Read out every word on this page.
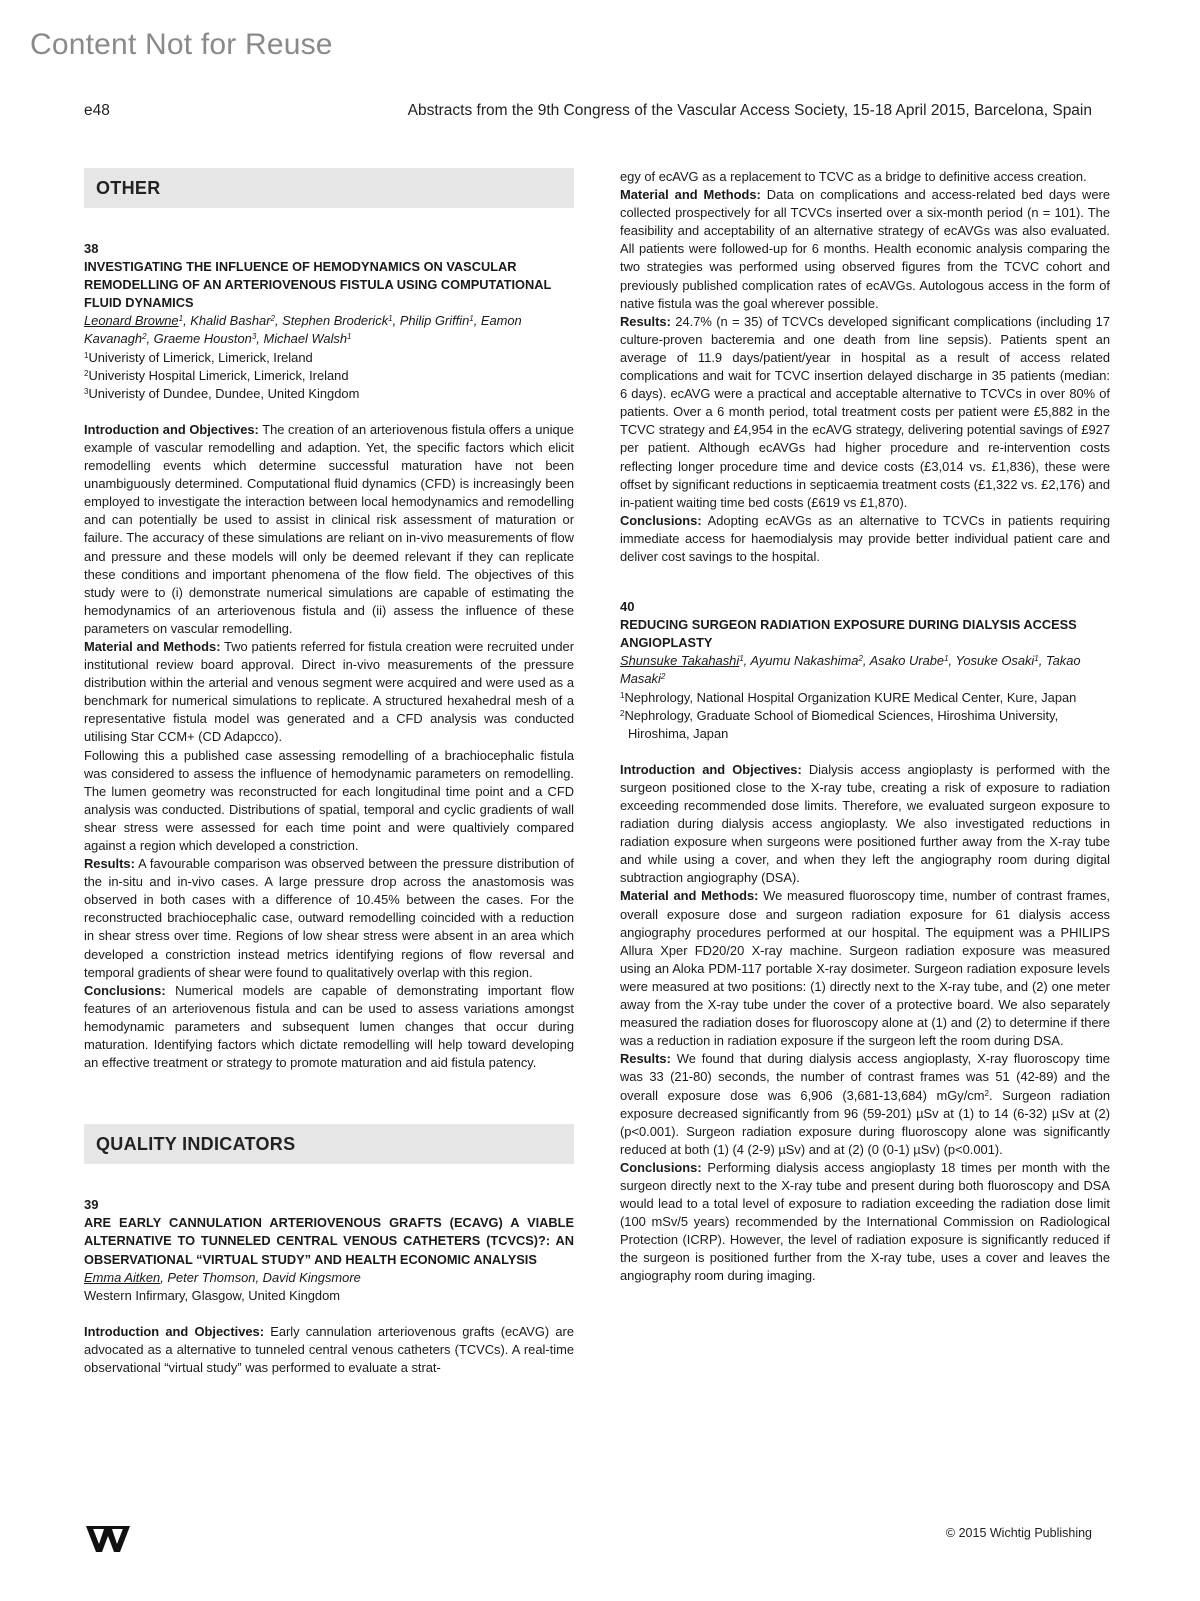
Content Not for Reuse
e48	Abstracts from the 9th Congress of the Vascular Access Society, 15-18 April 2015, Barcelona, Spain
OTHER
38
INVESTIGATING THE INFLUENCE OF HEMODYNAMICS ON VASCULAR REMODELLING OF AN ARTERIOVENOUS FISTULA USING COMPUTATIONAL FLUID DYNAMICS
Leonard Browne$^1$, Khalid Bashar$^2$, Stephen Broderick$^1$, Philip Griffin$^1$, Eamon Kavanagh$^2$, Graeme Houston$^3$, Michael Walsh$^1$
$^1$Univeristy of Limerick, Limerick, Ireland
$^2$Univeristy Hospital Limerick, Limerick, Ireland
$^3$Univeristy of Dundee, Dundee, United Kingdom

Introduction and Objectives: The creation of an arteriovenous fistula offers a unique example of vascular remodelling and adaption. Yet, the specific factors which elicit remodelling events which determine successful maturation have not been unambiguously determined. Computational fluid dynamics (CFD) is increasingly been employed to investigate the interaction between local hemodynamics and remodelling and can potentially be used to assist in clinical risk assessment of maturation or failure. The accuracy of these simulations are reliant on in-vivo measurements of flow and pressure and these models will only be deemed relevant if they can replicate these conditions and important phenomena of the flow field. The objectives of this study were to (i) demonstrate numerical simulations are capable of estimating the hemodynamics of an arteriovenous fistula and (ii) assess the influence of these parameters on vascular remodelling.

Material and Methods: Two patients referred for fistula creation were recruited under institutional review board approval. Direct in-vivo measurements of the pressure distribution within the arterial and venous segment were acquired and were used as a benchmark for numerical simulations to replicate. A structured hexahedral mesh of a representative fistula model was generated and a CFD analysis was conducted utilising Star CCM+ (CD Adapcco).

Following this a published case assessing remodelling of a brachiocephalic fistula was considered to assess the influence of hemodynamic parameters on remodelling. The lumen geometry was reconstructed for each longitudinal time point and a CFD analysis was conducted. Distributions of spatial, temporal and cyclic gradients of wall shear stress were assessed for each time point and were qualtiviely compared against a region which developed a constriction.

Results: A favourable comparison was observed between the pressure distribution of the in-situ and in-vivo cases. A large pressure drop across the anastomosis was observed in both cases with a difference of 10.45% between the cases. For the reconstructed brachiocephalic case, outward remodelling coincided with a reduction in shear stress over time. Regions of low shear stress were absent in an area which developed a constriction instead metrics identifying regions of flow reversal and temporal gradients of shear were found to qualitatively overlap with this region.

Conclusions: Numerical models are capable of demonstrating important flow features of an arteriovenous fistula and can be used to assess variations amongst hemodynamic parameters and subsequent lumen changes that occur during maturation. Identifying factors which dictate remodelling will help toward developing an effective treatment or strategy to promote maturation and aid fistula patency.

QUALITY INDICATORS
39
ARE EARLY CANNULATION ARTERIOVENOUS GRAFTS (ECAVG) A VIABLE ALTERNATIVE TO TUNNELED CENTRAL VENOUS CATHETERS (TCVCS)?: AN OBSERVATIONAL “VIRTUAL STUDY” AND HEALTH ECONOMIC ANALYSIS
Emma Aitken, Peter Thomson, David Kingsmore
Western Infirmary, Glasgow, United Kingdom

Introduction and Objectives: Early cannulation arteriovenous grafts (ecAVG) are advocated as a alternative to tunneled central venous catheters (TCVCs). A real-time observational “virtual study” was performed to evaluate a strat-

egy of ecAVG as a replacement to TCVC as a bridge to definitive access creation.

Material and Methods: Data on complications and access-related bed days were collected prospectively for all TCVCs inserted over a six-month period (n = 101). The feasibility and acceptability of an alternative strategy of ecAVGs was also evaluated. All patients were followed-up for 6 months. Health economic analysis comparing the two strategies was performed using observed figures from the TCVC cohort and previously published complication rates of ecAVGs. Autologous access in the form of native fistula was the goal wherever possible.

Results: 24.7% (n = 35) of TCVCs developed significant complications (including 17 culture-proven bacteremia and one death from line sepsis). Patients spent an average of 11.9 days/patient/year in hospital as a result of access related complications and wait for TCVC insertion delayed discharge in 35 patients (median: 6 days). ecAVG were a practical and acceptable alternative to TCVCs in over 80% of patients. Over a 6 month period, total treatment costs per patient were £5,882 in the TCVC strategy and £4,954 in the ecAVG strategy, delivering potential savings of £927 per patient. Although ecAVGs had higher procedure and re-intervention costs reflecting longer procedure time and device costs (£3,014 vs. £1,836), these were offset by significant reductions in septicaemia treatment costs (£1,322 vs. £2,176) and in-patient waiting time bed costs (£619 vs £1,870).

Conclusions: Adopting ecAVGs as an alternative to TCVCs in patients requiring immediate access for haemodialysis may provide better individual patient care and deliver cost savings to the hospital.

40
REDUCING SURGEON RADIATION EXPOSURE DURING DIALYSIS ACCESS ANGIOPLASTY
Shunsuke Takahashi$^1$, Ayumu Nakashima$^2$, Asako Urabe$^1$, Yosuke Osaki$^1$, Takao Masaki$^2$
$^1$Nephrology, National Hospital Organization KURE Medical Center, Kure, Japan
$^2$Nephrology, Graduate School of Biomedical Sciences, Hiroshima University, Hiroshima, Japan

Introduction and Objectives: Dialysis access angioplasty is performed with the surgeon positioned close to the X-ray tube, creating a risk of exposure to radiation exceeding recommended dose limits. Therefore, we evaluated surgeon exposure to radiation during dialysis access angioplasty. We also investigated reductions in radiation exposure when surgeons were positioned further away from the X-ray tube and while using a cover, and when they left the angiography room during digital subtraction angiography (DSA).

Material and Methods: We measured fluoroscopy time, number of contrast frames, overall exposure dose and surgeon radiation exposure for 61 dialysis access angiography procedures performed at our hospital. The equipment was a PHILIPS Allura Xper FD20/20 X-ray machine. Surgeon radiation exposure was measured using an Aloka PDM-117 portable X-ray dosimeter. Surgeon radiation exposure levels were measured at two positions: (1) directly next to the X-ray tube, and (2) one meter away from the X-ray tube under the cover of a protective board. We also separately measured the radiation doses for fluoroscopy alone at (1) and (2) to determine if there was a reduction in radiation exposure if the surgeon left the room during DSA.

Results: We found that during dialysis access angioplasty, X-ray fluoroscopy time was 33 (21-80) seconds, the number of contrast frames was 51 (42-89) and the overall exposure dose was 6,906 (3,681-13,684) mGy/$cm^2$. Surgeon radiation exposure decreased significantly from 96 (59-201) µSv at (1) to 14 (6-32) µSv at (2) (p<0.001). Surgeon radiation exposure during fluoroscopy alone was significantly reduced at both (1) (4 (2-9) µSv) and at (2) (0 (0-1) µSv) (p<0.001).

Conclusions: Performing dialysis access angioplasty 18 times per month with the surgeon directly next to the X-ray tube and present during both fluoroscopy and DSA would lead to a total level of exposure to radiation exceeding the radiation dose limit (100 mSv/5 years) recommended by the International Commission on Radiological Protection (ICRP). However, the level of radiation exposure is significantly reduced if the surgeon is positioned further from the X-ray tube, uses a cover and leaves the angiography room during imaging.

© 2015 Wichtig Publishing
